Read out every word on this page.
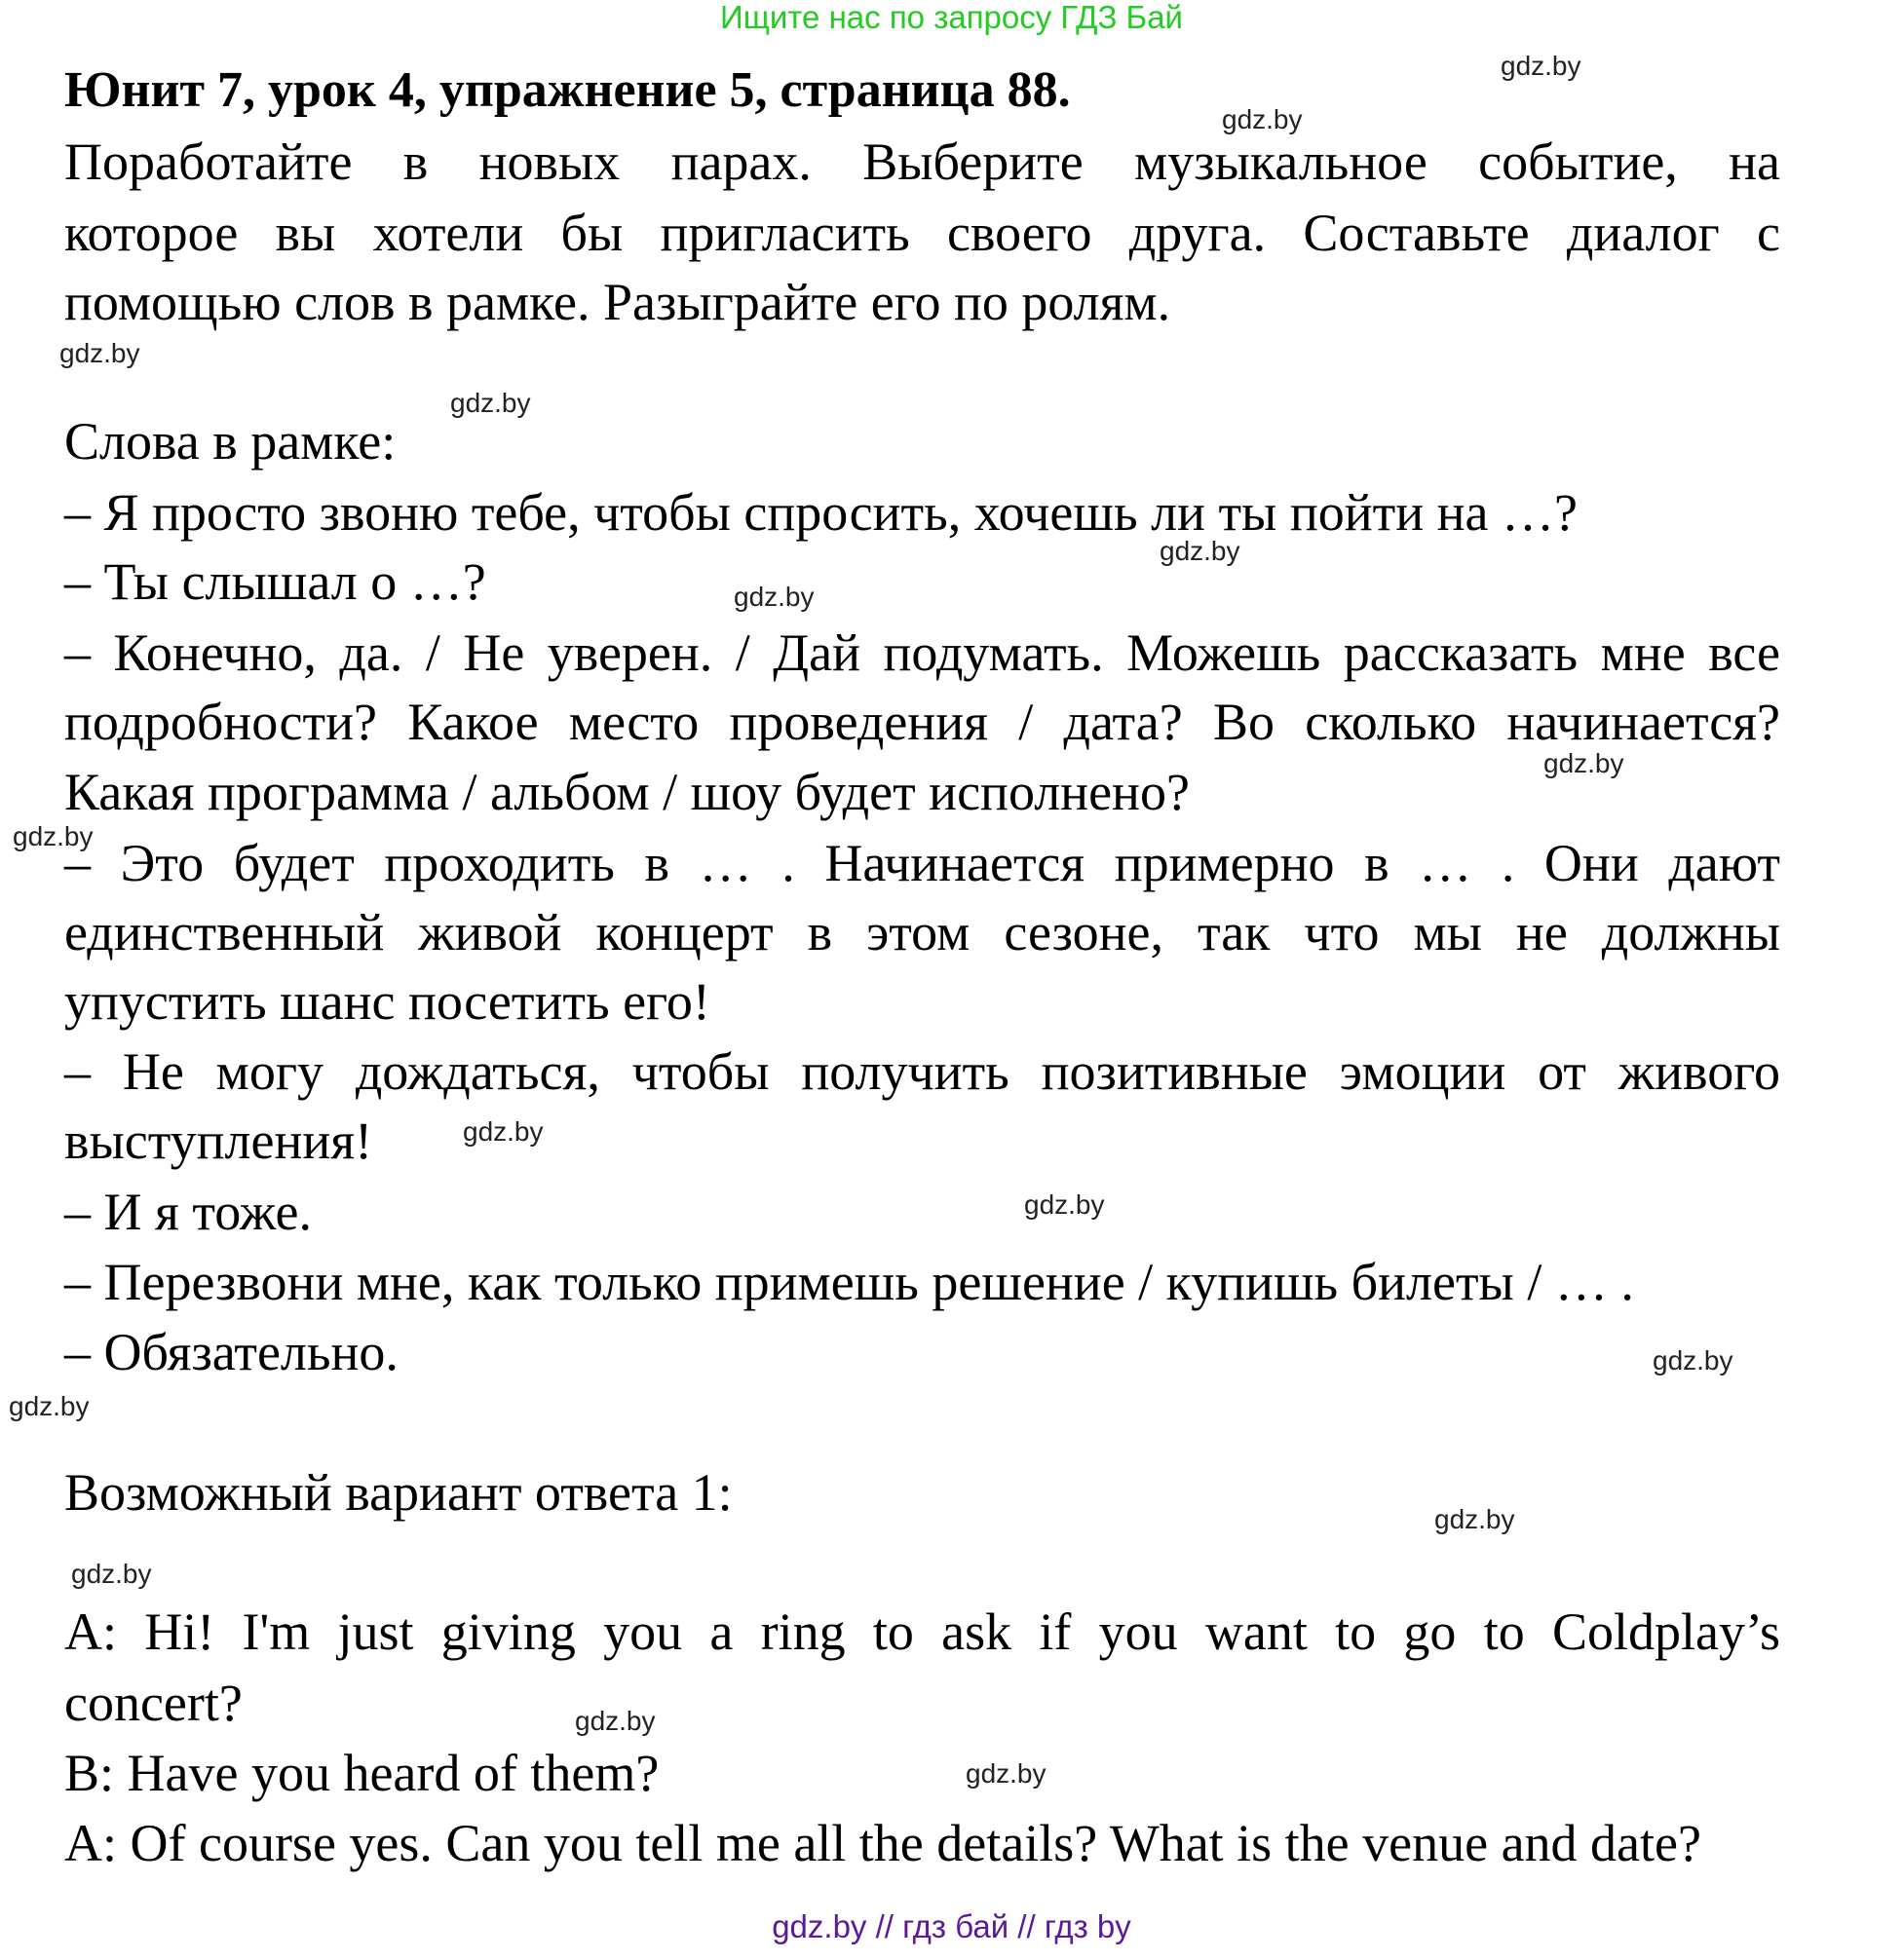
Ищите нас по запросу ГДЗ Бай
Юнит 7, урок 4, упражнение 5, страница 88.
Поработайте в новых парах. Выберите музыкальное событие, на
которое вы хотели бы пригласить своего друга. Составьте диалог с
помощью слов в рамке. Разыграйте его по ролям.
Слова в рамке:
– Я просто звоню тебе, чтобы спросить, хочешь ли ты пойти на …?
– Ты слышал о …?
– Конечно, да. / Не уверен. / Дай подумать. Можешь рассказать мне все
подробности? Какое место проведения / дата? Во сколько начинается?
Какая программа / альбом / шоу будет исполнено?
– Это будет проходить в … . Начинается примерно в … . Они дают
единственный живой концерт в этом сезоне, так что мы не должны
упустить шанс посетить его!
– Не могу дождаться, чтобы получить позитивные эмоции от живого
выступления!
– И я тоже.
– Перезвони мне, как только примешь решение / купишь билеты / … .
– Обязательно.
Возможный вариант ответа 1:
A: Hi! I'm just giving you a ring to ask if you want to go to Coldplay’s
concert?
B: Have you heard of them?
A: Of course yes. Can you tell me all the details? What is the venue and date?
gdz.by
gdz.by
gdz.by
gdz.by
gdz.by
gdz.by
gdz.by
gdz.by
gdz.by
gdz.by
gdz.by
gdz.by
gdz.by
gdz.by
gdz.by
gdz.by
gdz.by // гдз бай // гдз by
